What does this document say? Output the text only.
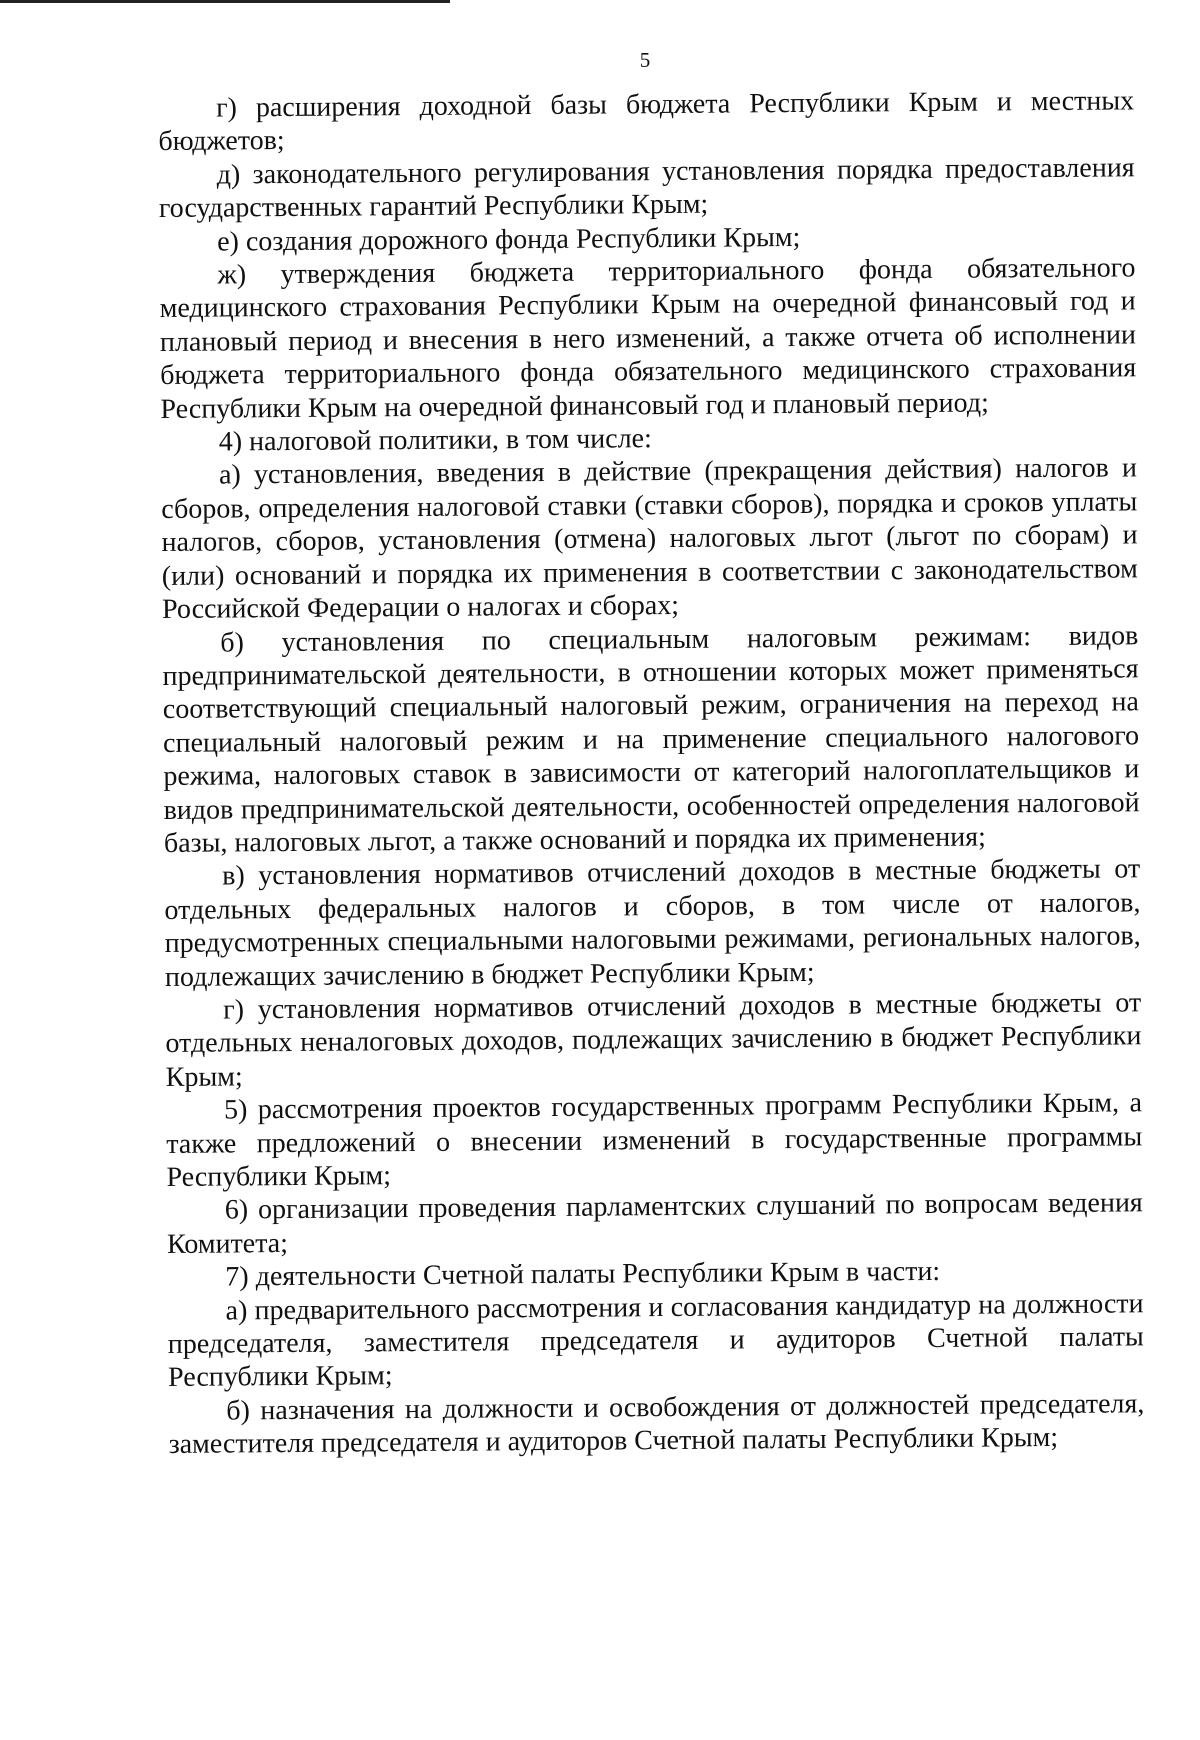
5

г) расширения доходной базы бюджета Республики Крым и местных бюджетов;

д) законодательного регулирования установления порядка предоставления государственных гарантий Республики Крым;

е) создания дорожного фонда Республики Крым;

ж) утверждения бюджета территориального фонда обязательного медицинского страхования Республики Крым на очередной финансовый год и плановый период и внесения в него изменений, а также отчета об исполнении бюджета территориального фонда обязательного медицинского страхования Республики Крым на очередной финансовый год и плановый период;

4) налоговой политики, в том числе:

а) установления, введения в действие (прекращения действия) налогов и сборов, определения налоговой ставки (ставки сборов), порядка и сроков уплаты налогов, сборов, установления (отмена) налоговых льгот (льгот по сборам) и (или) оснований и порядка их применения в соответствии с законодательством Российской Федерации о налогах и сборах;

б) установления по специальным налоговым режимам: видов предпринимательской деятельности, в отношении которых может применяться соответствующий специальный налоговый режим, ограничения на переход на специальный налоговый режим и на применение специального налогового режима, налоговых ставок в зависимости от категорий налогоплательщиков и видов предпринимательской деятельности, особенностей определения налоговой базы, налоговых льгот, а также оснований и порядка их применения;

в) установления нормативов отчислений доходов в местные бюджеты от отдельных федеральных налогов и сборов, в том числе от налогов, предусмотренных специальными налоговыми режимами, региональных налогов, подлежащих зачислению в бюджет Республики Крым;

г) установления нормативов отчислений доходов в местные бюджеты от отдельных неналоговых доходов, подлежащих зачислению в бюджет Республики Крым;

5) рассмотрения проектов государственных программ Республики Крым, а также предложений о внесении изменений в государственные программы Республики Крым;

6) организации проведения парламентских слушаний по вопросам ведения Комитета;

7) деятельности Счетной палаты Республики Крым в части:

а) предварительного рассмотрения и согласования кандидатур на должности председателя, заместителя председателя и аудиторов Счетной палаты Республики Крым;

б) назначения на должности и освобождения от должностей председателя, заместителя председателя и аудиторов Счетной палаты Республики Крым;
